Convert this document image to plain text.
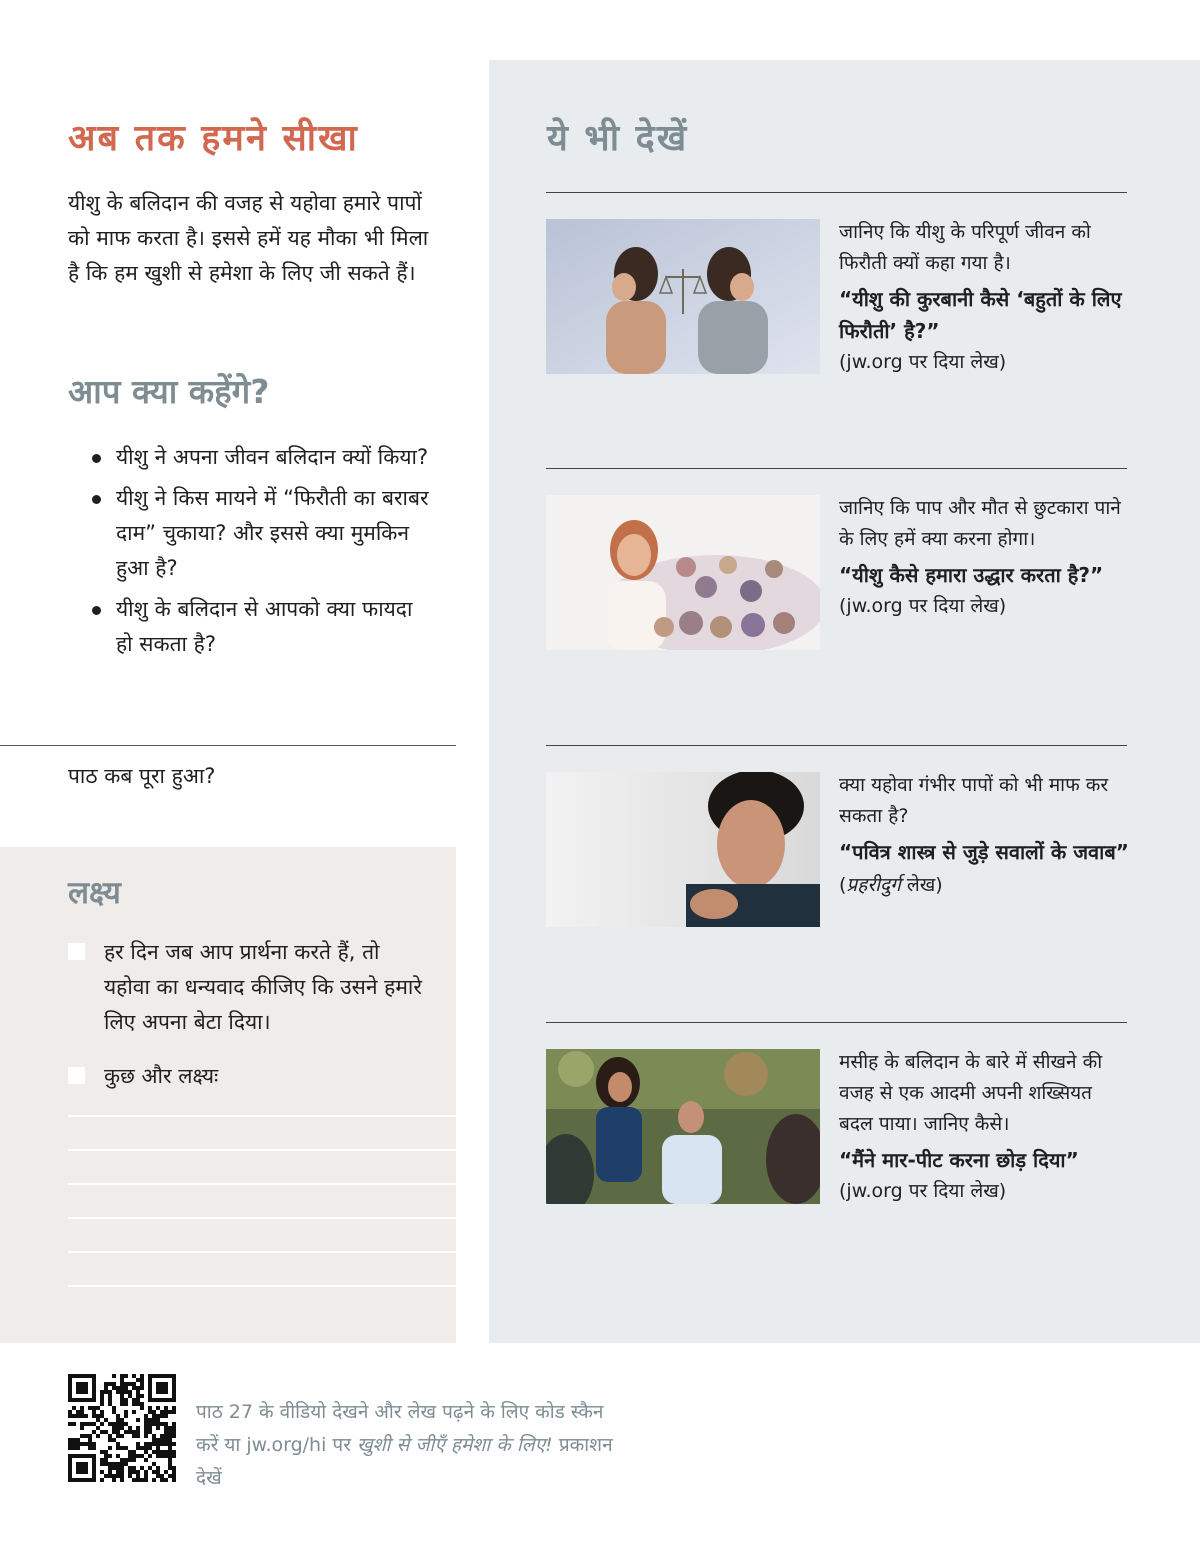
अब तक हमने सीखा

यीशु के बलिदान की वजह से यहोवा हमारे पापों को माफ करता है। इससे हमें यह मौका भी मिला है कि हम खुशी से हमेशा के लिए जी सकते हैं।

आप क्या कहेंगे?
यीशु ने अपना जीवन बलिदान क्यों किया?
यीशु ने किस मायने में “फिरौती का बराबर दाम” चुकाया? और इससे क्या मुमकिन हुआ है?
यीशु के बलिदान से आपको क्या फायदा हो सकता है?

पाठ कब पूरा हुआ?

लक्ष्य
हर दिन जब आप प्रार्थना करते हैं, तो यहोवा का धन्यवाद कीजिए कि उसने हमारे लिए अपना बेटा दिया।
कुछ और लक्ष्यः
ये भी देखें

जानिए कि यीशु के परिपूर्ण जीवन को फिरौती क्यों कहा गया है।

“यीशु की कुरबानी कैसे ‘बहुतों के लिए फिरौती’ है?”

(jw.org पर दिया लेख)

जानिए कि पाप और मौत से छुटकारा पाने के लिए हमें क्या करना होगा।

“यीशु कैसे हमारा उद्धार करता है?”

(jw.org पर दिया लेख)

क्या यहोवा गंभीर पापों को भी माफ कर सकता है?

“पवित्र शास्त्र से जुड़े सवालों के जवाब” (प्रहरीदुर्ग लेख)

मसीह के बलिदान के बारे में सीखने की वजह से एक आदमी अपनी शख्सियत बदल पाया। जानिए कैसे।

“मैंने मार-पीट करना छोड़ दिया”

(jw.org पर दिया लेख)

पाठ 27 के वीडियो देखने और लेख पढ़ने के लिए कोड स्कैन करें या jw.org/hi पर खुशी से जीएँ हमेशा के लिए! प्रकाशन देखें
